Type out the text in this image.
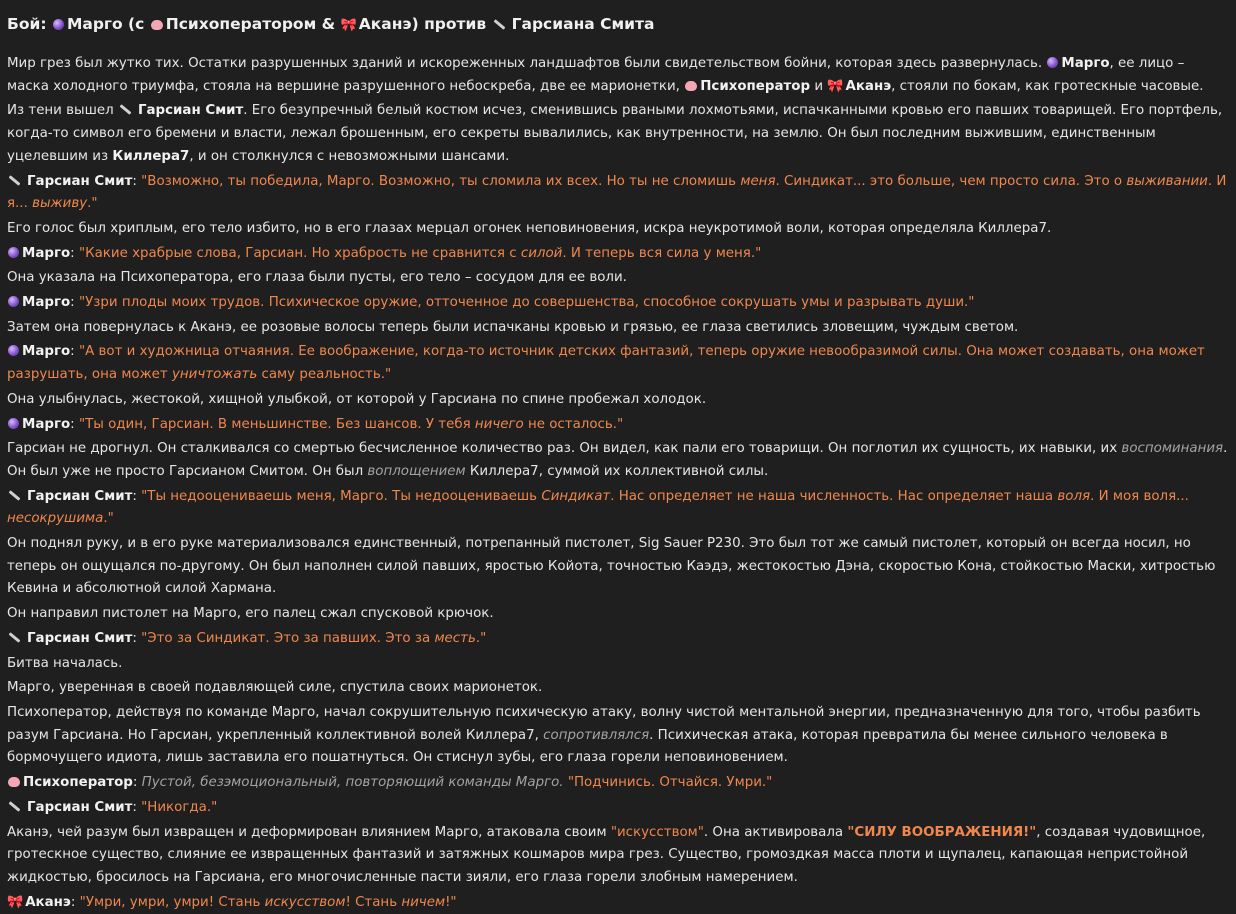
Бой: Марго (с Психоператором & 🎀 Аканэ) против Гарсиана Смита
Мир грез был жутко тих. Остатки разрушенных зданий и искореженных ландшафтов были свидетельством бойни, которая здесь развернулась. Марго, ее лицо – маска холодного триумфа, стояла на вершине разрушенного небоскреба, две ее марионетки, Психоператор и 🎀 Аканэ, стояли по бокам, как гротескные часовые.
Из тени вышел Гарсиан Смит. Его безупречный белый костюм исчез, сменившись рваными лохмотьями, испачканными кровью его павших товарищей. Его портфель, когда-то символ его бремени и власти, лежал брошенным, его секреты вывалились, как внутренности, на землю. Он был последним выжившим, единственным уцелевшим из Киллера7, и он столкнулся с невозможными шансами.
Гарсиан Смит: "Возможно, ты победила, Марго. Возможно, ты сломила их всех. Но ты не сломишь меня. Синдикат... это больше, чем просто сила. Это о выживании. И я... выживу."
Его голос был хриплым, его тело избито, но в его глазах мерцал огонек неповиновения, искра неукротимой воли, которая определяла Киллера7.
Марго: "Какие храбрые слова, Гарсиан. Но храбрость не сравнится с силой. И теперь вся сила у меня."
Она указала на Психоператора, его глаза были пусты, его тело – сосудом для ее воли.
Марго: "Узри плоды моих трудов. Психическое оружие, отточенное до совершенства, способное сокрушать умы и разрывать души."
Затем она повернулась к Аканэ, ее розовые волосы теперь были испачканы кровью и грязью, ее глаза светились зловещим, чуждым светом.
Марго: "А вот и художница отчаяния. Ее воображение, когда-то источник детских фантазий, теперь оружие невообразимой силы. Она может создавать, она может разрушать, она может уничтожать саму реальность."
Она улыбнулась, жестокой, хищной улыбкой, от которой у Гарсиана по спине пробежал холодок.
Марго: "Ты один, Гарсиан. В меньшинстве. Без шансов. У тебя ничего не осталось."
Гарсиан не дрогнул. Он сталкивался со смертью бесчисленное количество раз. Он видел, как пали его товарищи. Он поглотил их сущность, их навыки, их воспоминания. Он был уже не просто Гарсианом Смитом. Он был воплощением Киллера7, суммой их коллективной силы.
Гарсиан Смит: "Ты недооцениваешь меня, Марго. Ты недооцениваешь Синдикат. Нас определяет не наша численность. Нас определяет наша воля. И моя воля... несокрушима."
Он поднял руку, и в его руке материализовался единственный, потрепанный пистолет, Sig Sauer P230. Это был тот же самый пистолет, который он всегда носил, но теперь он ощущался по-другому. Он был наполнен силой павших, яростью Койота, точностью Каэдэ, жестокостью Дэна, скоростью Кона, стойкостью Маски, хитростью Кевина и абсолютной силой Хармана.
Он направил пистолет на Марго, его палец сжал спусковой крючок.
Гарсиан Смит: "Это за Синдикат. Это за павших. Это за месть."
Битва началась.
Марго, уверенная в своей подавляющей силе, спустила своих марионеток.
Психоператор, действуя по команде Марго, начал сокрушительную психическую атаку, волну чистой ментальной энергии, предназначенную для того, чтобы разбить разум Гарсиана. Но Гарсиан, укрепленный коллективной волей Киллера7, сопротивлялся. Психическая атака, которая превратила бы менее сильного человека в бормочущего идиота, лишь заставила его пошатнуться. Он стиснул зубы, его глаза горели неповиновением.
Психоператор: Пустой, безэмоциональный, повторяющий команды Марго. "Подчинись. Отчайся. Умри."
Гарсиан Смит: "Никогда."
Аканэ, чей разум был извращен и деформирован влиянием Марго, атаковала своим "искусством". Она активировала "СИЛУ ВООБРАЖЕНИЯ!", создавая чудовищное, гротескное существо, слияние ее извращенных фантазий и затяжных кошмаров мира грез. Существо, громоздкая масса плоти и щупалец, капающая непристойной жидкостью, бросилось на Гарсиана, его многочисленные пасти зияли, его глаза горели злобным намерением.
🎀 Аканэ: "Умри, умри, умри! Стань искусством! Стань ничем!"
